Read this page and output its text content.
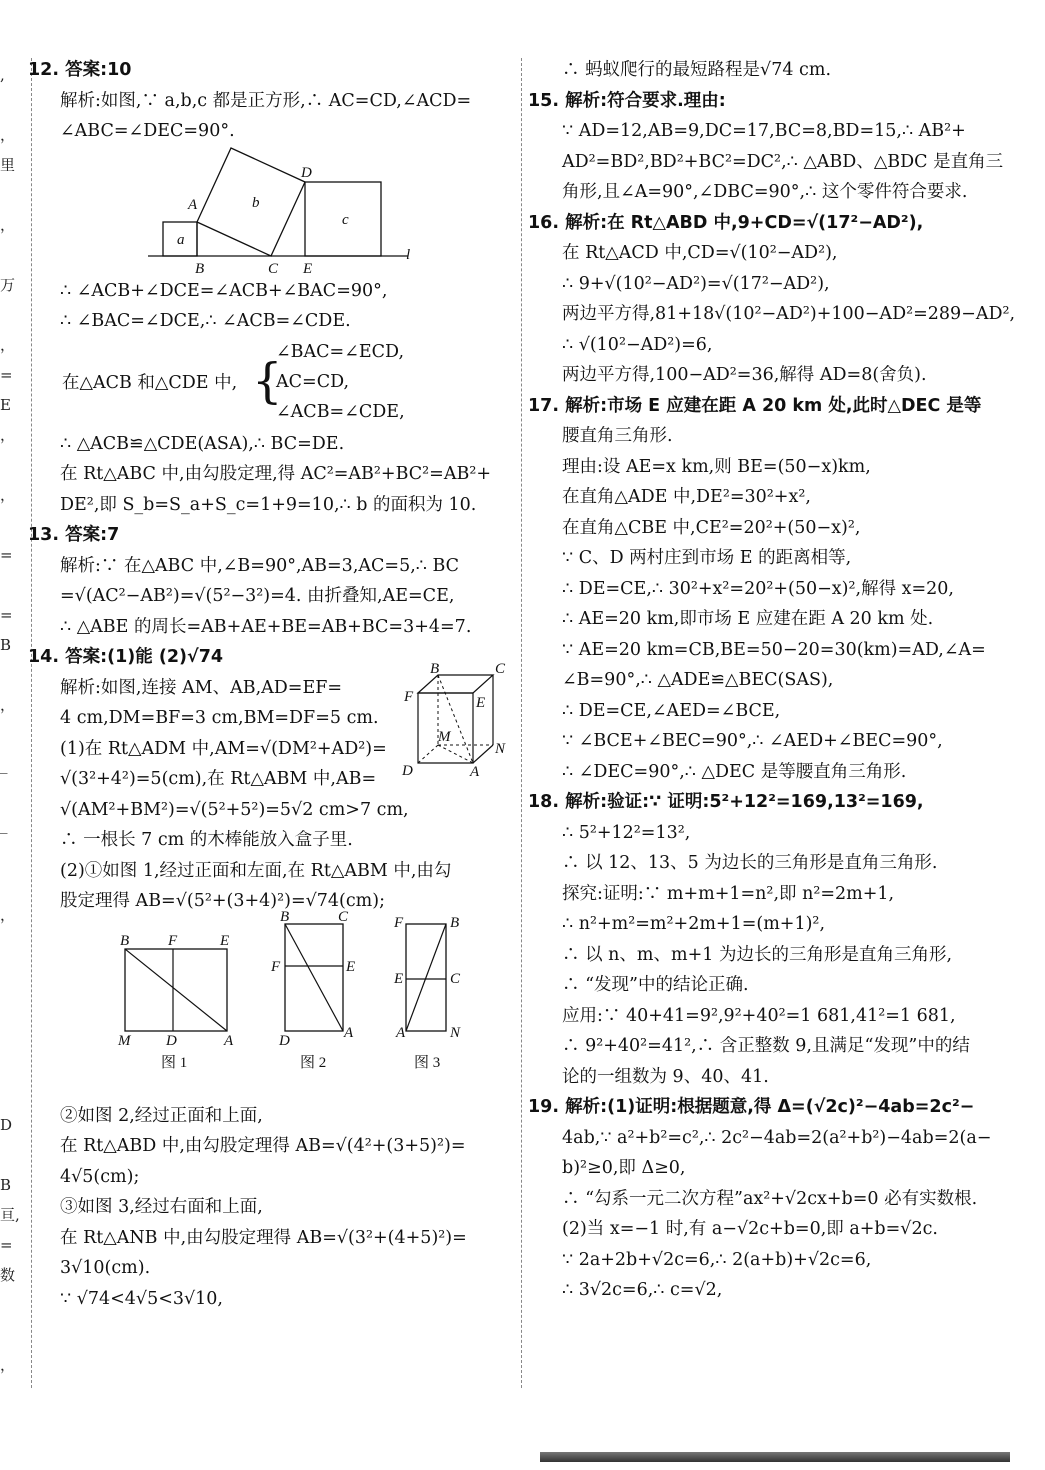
,
，
里
，
万
，
=
E
，
，
=
=
B
，
_
_
，
D
B
亘,
=
数
，
12. 答案:10
解析:如图,∵ a,b,c 都是正方形,∴ AC=CD,∠ACD=
∠ABC=∠DEC=90°.
A
B	C
D
E
a
b
c
l
∴ ∠ACB+∠DCE=∠ACB+∠BAC=90°,
∴ ∠BAC=∠DCE,∴ ∠ACB=∠CDE.
在△ACB 和△CDE 中, {
∠BAC=∠ECD,
AC=CD,
∠ACB=∠CDE,
∴ △ACB≌△CDE(ASA),∴ BC=DE.
在 Rt△ABC 中,由勾股定理,得 AC²=AB²+BC²=AB²+
DE²,即 S_b=S_a+S_c=1+9=10,∴ b 的面积为 10.
13. 答案:7
解析:∵ 在△ABC 中,∠B=90°,AB=3,AC=5,∴ BC
=√(AC²−AB²)=√(5²−3²)=4. 由折叠知,AE=CE,
∴ △ABE 的周长=AB+AE+BE=AB+BC=3+4=7.
14. 答案:(1)能 (2)√74
解析:如图,连接 AM、AB,AD=EF=
4 cm,DM=BF=3 cm,BM=DF=5 cm.
(1)在 Rt△ADM 中,AM=√(DM²+AD²)=
√(3²+4²)=5(cm),在 Rt△ABM 中,AB=
√(AM²+BM²)=√(5²+5²)=5√2 cm>7 cm,
B	C
F	E
M
N
D	A
∴ 一根长 7 cm 的木棒能放入盒子里.
(2)①如图 1,经过正面和左面,在 Rt△ABM 中,由勾
股定理得 AB=√(5²+(3+4)²)=√74(cm);
B	F	E
M D	A
图 1
B	C
F	E
D	A
图 2
F	B
E	C
A	N
图 3
②如图 2,经过正面和上面,
在 Rt△ABD 中,由勾股定理得 AB=√(4²+(3+5)²)=
4√5(cm);
③如图 3,经过右面和上面,
在 Rt△ANB 中,由勾股定理得 AB=√(3²+(4+5)²)=
3√10(cm).
∵ √74<4√5<3√10,
∴ 蚂蚁爬行的最短路程是√74 cm.
15. 解析:符合要求.理由:
∵ AD=12,AB=9,DC=17,BC=8,BD=15,∴ AB²+
AD²=BD²,BD²+BC²=DC²,∴ △ABD、△BDC 是直角三
角形,且∠A=90°,∠DBC=90°,∴ 这个零件符合要求.
16. 解析:在 Rt△ABD 中,9+CD=√(17²−AD²),
在 Rt△ACD 中,CD=√(10²−AD²),
∴ 9+√(10²−AD²)=√(17²−AD²),
两边平方得,81+18√(10²−AD²)+100−AD²=289−AD²,
∴ √(10²−AD²)=6,
两边平方得,100−AD²=36,解得 AD=8(舍负).
17. 解析:市场 E 应建在距 A 20 km 处,此时△DEC 是等
腰直角三角形.
理由:设 AE=x km,则 BE=(50−x)km,
在直角△ADE 中,DE²=30²+x²,
在直角△CBE 中,CE²=20²+(50−x)²,
∵ C、D 两村庄到市场 E 的距离相等,
∴ DE=CE,∴ 30²+x²=20²+(50−x)²,解得 x=20,
∴ AE=20 km,即市场 E 应建在距 A 20 km 处.
∵ AE=20 km=CB,BE=50−20=30(km)=AD,∠A=
∠B=90°,∴ △ADE≌△BEC(SAS),
∴ DE=CE,∠AED=∠BCE,
∵ ∠BCE+∠BEC=90°,∴ ∠AED+∠BEC=90°,
∴ ∠DEC=90°,∴ △DEC 是等腰直角三角形.
18. 解析:验证:∵ 证明:5²+12²=169,13²=169,
∴ 5²+12²=13²,
∴ 以 12、13、5 为边长的三角形是直角三角形.
探究:证明:∵ m+m+1=n²,即 n²=2m+1,
∴ n²+m²=m²+2m+1=(m+1)²,
∴ 以 n、m、m+1 为边长的三角形是直角三角形,
∴ “发现”中的结论正确.
应用:∵ 40+41=9²,9²+40²=1 681,41²=1 681,
∴ 9²+40²=41²,∴ 含正整数 9,且满足“发现”中的结
论的一组数为 9、40、41.
19. 解析:(1)证明:根据题意,得 Δ=(√2c)²−4ab=2c²−
4ab,∵ a²+b²=c²,∴ 2c²−4ab=2(a²+b²)−4ab=2(a−
b)²≥0,即 Δ≥0,
∴ “勾系一元二次方程”ax²+√2cx+b=0 必有实数根.
(2)当 x=−1 时,有 a−√2c+b=0,即 a+b=√2c.
∵ 2a+2b+√2c=6,∴ 2(a+b)+√2c=6,
∴ 3√2c=6,∴ c=√2,
